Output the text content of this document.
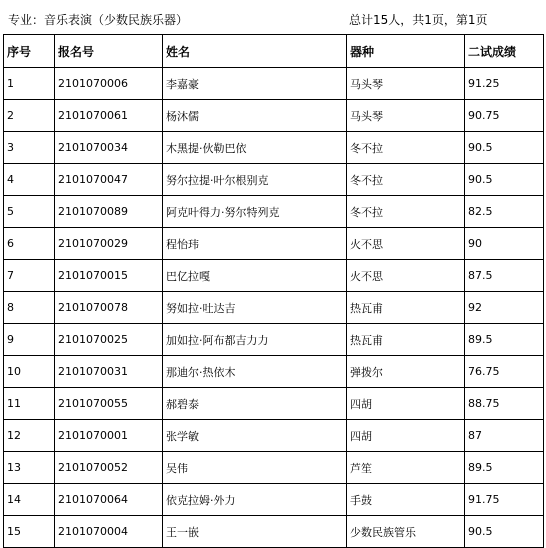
专业：音乐表演（少数民族乐器）	总计15人，共1页，第1页
序号	报名号	姓名	器种	二试成绩
1	2101070006	李嘉豪	马头琴	91.25
2	2101070061	杨沐儒	马头琴	90.75
3	2101070034	木黑提·伙勒巴依	冬不拉	90.5
4	2101070047	努尔拉提·叶尔根别克	冬不拉	90.5
5	2101070089	阿克叶得力·努尔特列克	冬不拉	82.5
6	2101070029	程怡玮	火不思	90
7	2101070015	巴亿拉嘎	火不思	87.5
8	2101070078	努如拉·吐达吉	热瓦甫	92
9	2101070025	加如拉·阿布都吉力力	热瓦甫	89.5
10	2101070031	那迪尔·热依木	弹拨尔	76.75
11	2101070055	郝碧泰	四胡	88.75
12	2101070001	张学敏	四胡	87
13	2101070052	吴伟	芦笙	89.5
14	2101070064	依克拉姆·外力	手鼓	91.75
15	2101070004	王一嵌	少数民族管乐	90.5
